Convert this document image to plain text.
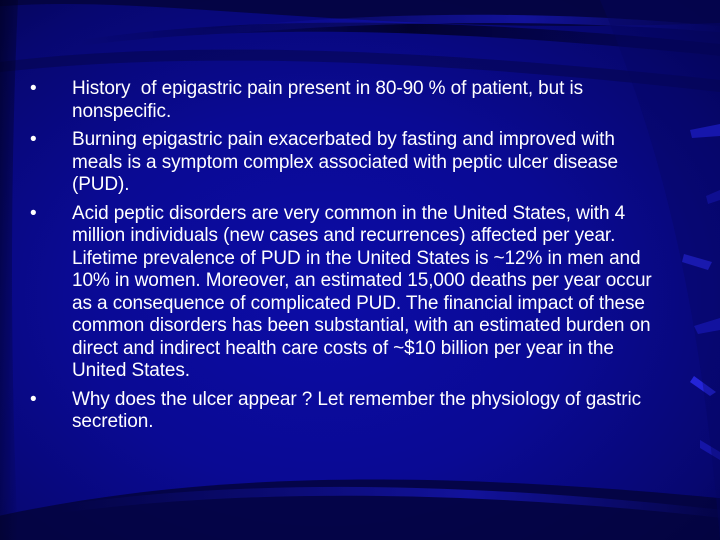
•	History  of epigastric pain present in 80-90 % of patient, but is nonspecific.
•	Burning epigastric pain exacerbated by fasting and improved with meals is a symptom complex associated with peptic ulcer disease (PUD).
•	Acid peptic disorders are very common in the United States, with 4 million individuals (new cases and recurrences) affected per year. Lifetime prevalence of PUD in the United States is ~12% in men and 10% in women. Moreover, an estimated 15,000 deaths per year occur as a consequence of complicated PUD. The financial impact of these common disorders has been substantial, with an estimated burden on direct and indirect health care costs of ~$10 billion per year in the United States.
•	Why does the ulcer appear ? Let remember the physiology of gastric secretion.
